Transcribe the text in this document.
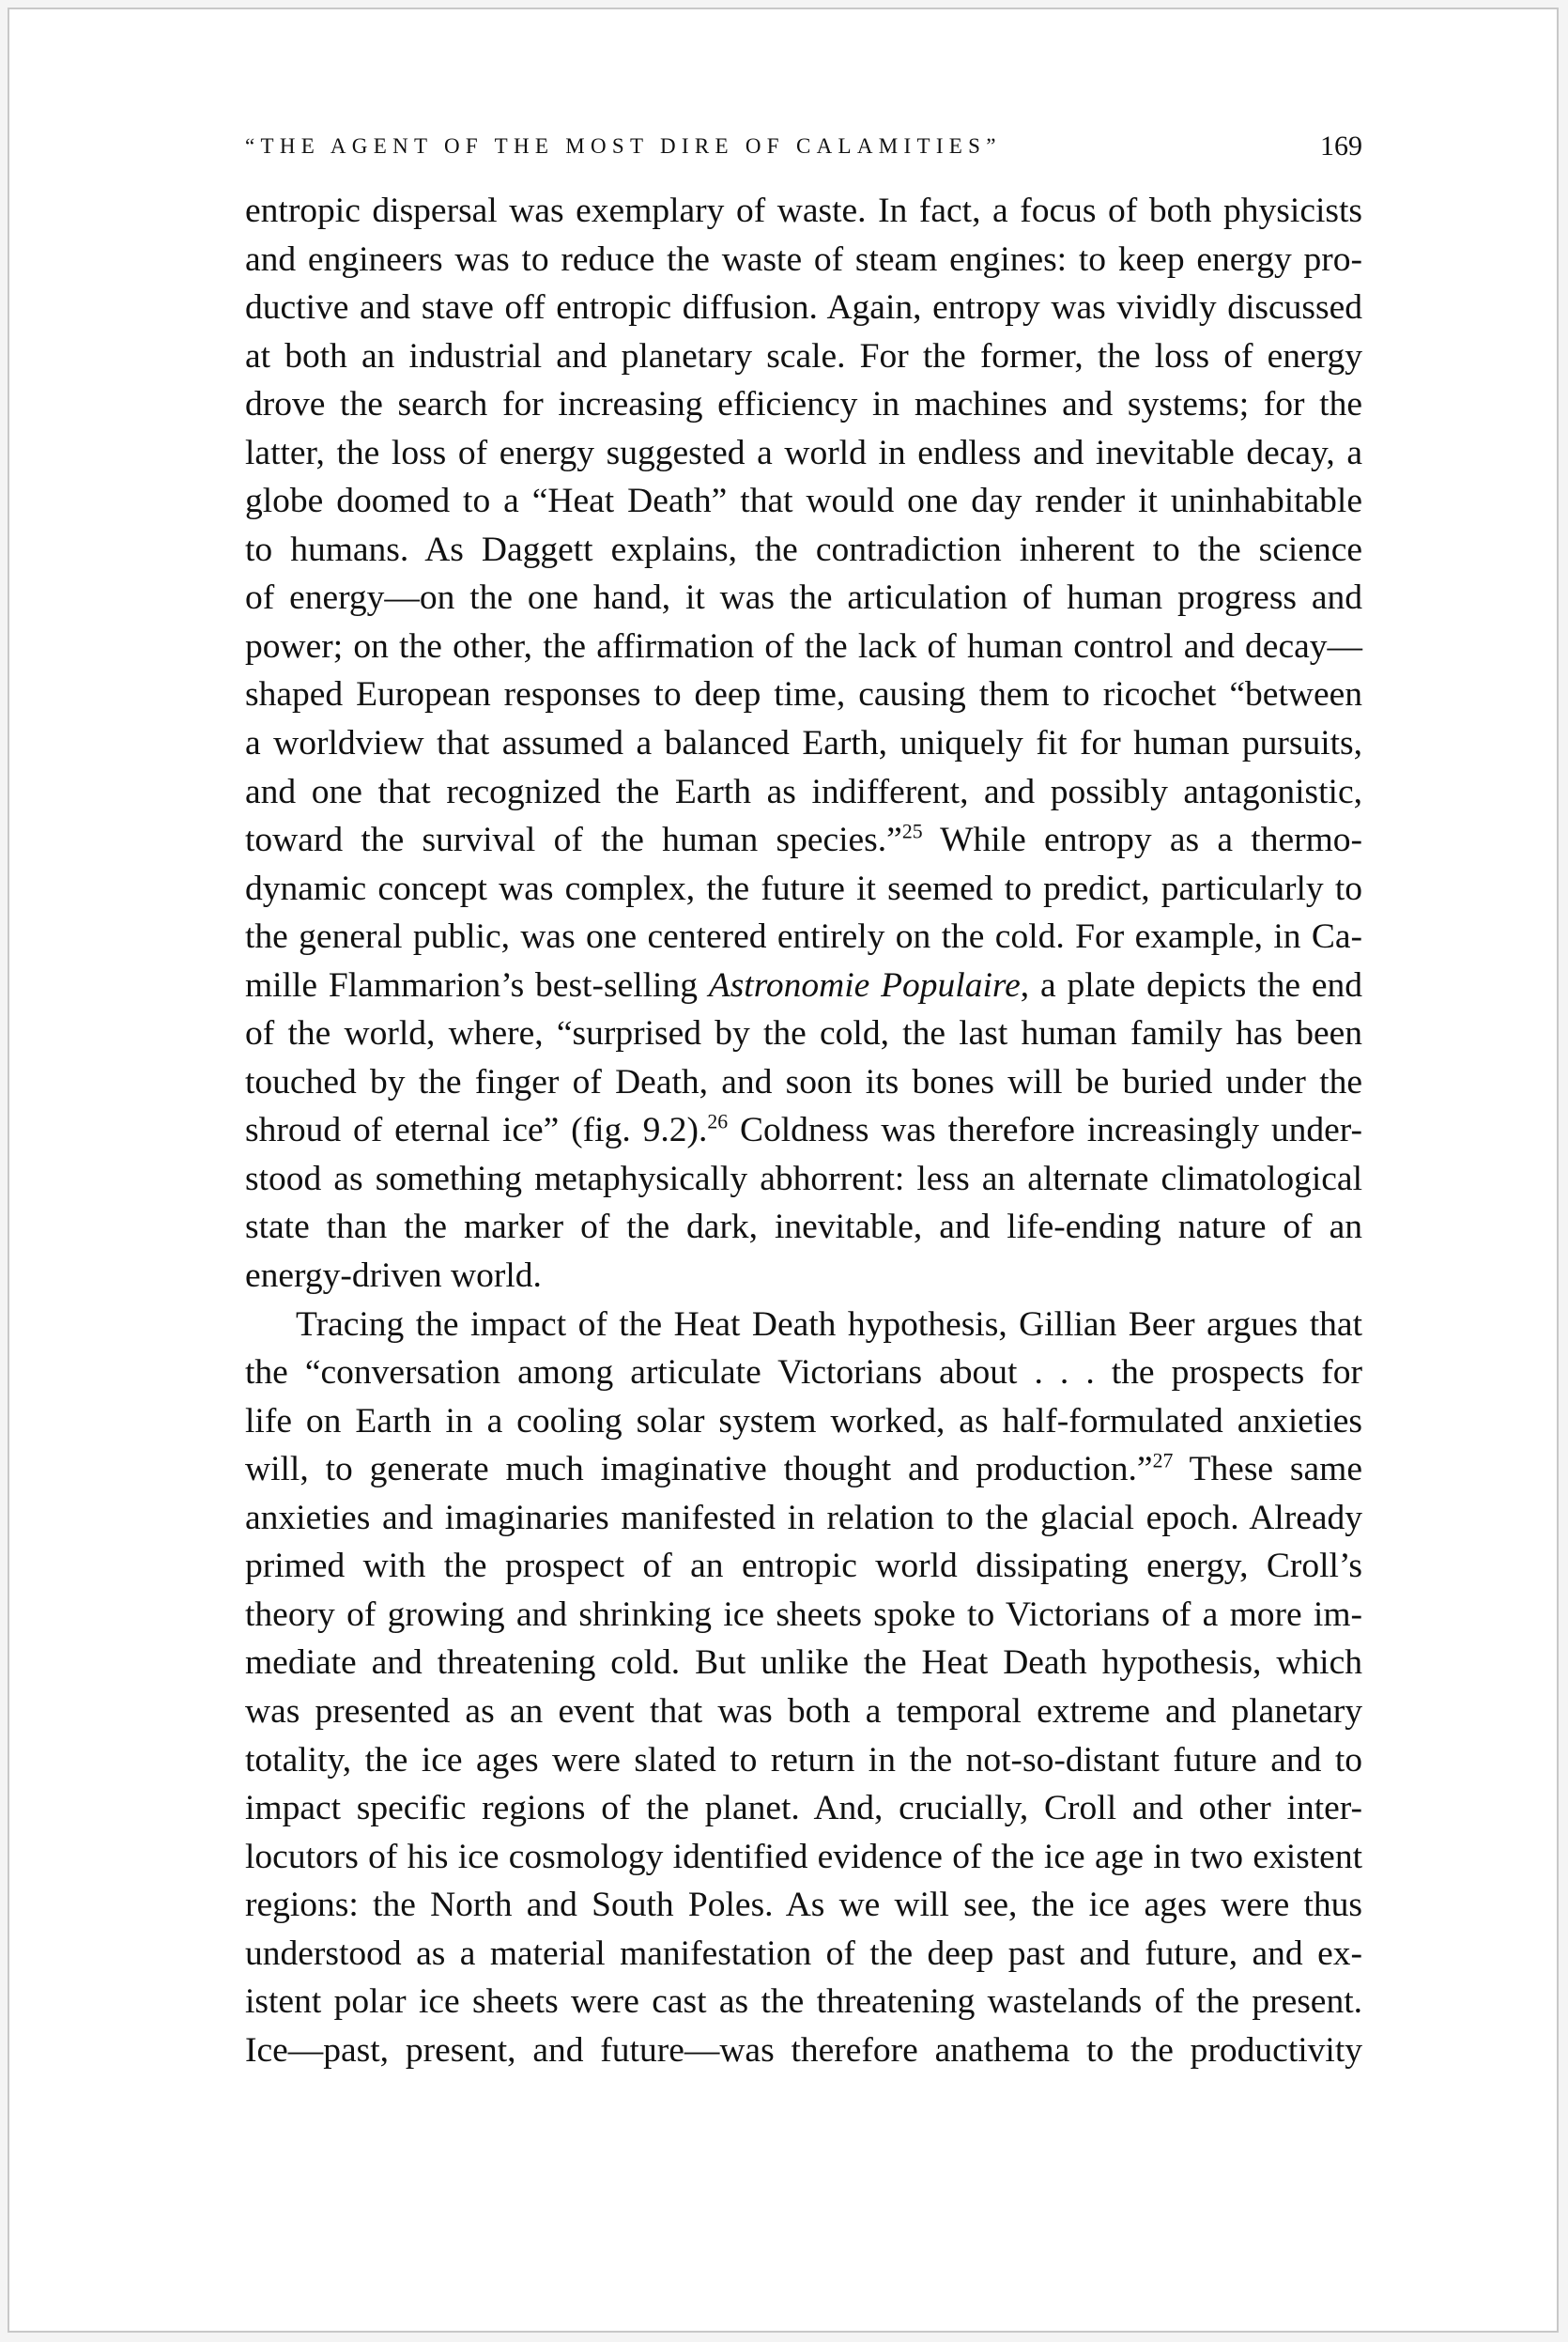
“THE AGENT OF THE MOST DIRE OF CALAMITIES”	169
entropic dispersal was exemplary of waste. In fact, a focus of both physicists
and engineers was to reduce the waste of steam engines: to keep energy pro-
ductive and stave off entropic diffusion. Again, entropy was vividly discussed
at both an industrial and planetary scale. For the former, the loss of energy
drove the search for increasing efficiency in machines and systems; for the
latter, the loss of energy suggested a world in endless and inevitable decay, a
globe doomed to a “Heat Death” that would one day render it uninhabitable
to humans. As Daggett explains, the contradiction inherent to the science
of energy—on the one hand, it was the articulation of human progress and
power; on the other, the affirmation of the lack of human control and decay—
shaped European responses to deep time, causing them to ricochet “between
a worldview that assumed a balanced Earth, uniquely fit for human pursuits,
and one that recognized the Earth as indifferent, and possibly antagonistic,
toward the survival of the human species.”$^{25}$ While entropy as a thermo-
dynamic concept was complex, the future it seemed to predict, particularly to
the general public, was one centered entirely on the cold. For example, in Ca-
mille Flammarion’s best-selling Astronomie Populaire, a plate depicts the end
of the world, where, “surprised by the cold, the last human family has been
touched by the finger of Death, and soon its bones will be buried under the
shroud of eternal ice” (fig. 9.2).$^{26}$ Coldness was therefore increasingly under-
stood as something metaphysically abhorrent: less an alternate climatological
state than the marker of the dark, inevitable, and life-ending nature of an
energy-driven world.
Tracing the impact of the Heat Death hypothesis, Gillian Beer argues that
the “conversation among articulate Victorians about . . . the prospects for
life on Earth in a cooling solar system worked, as half-formulated anxieties
will, to generate much imaginative thought and production.”$^{27}$ These same
anxieties and imaginaries manifested in relation to the glacial epoch. Already
primed with the prospect of an entropic world dissipating energy, Croll’s
theory of growing and shrinking ice sheets spoke to Victorians of a more im-
mediate and threatening cold. But unlike the Heat Death hypothesis, which
was presented as an event that was both a temporal extreme and planetary
totality, the ice ages were slated to return in the not-so-distant future and to
impact specific regions of the planet. And, crucially, Croll and other inter-
locutors of his ice cosmology identified evidence of the ice age in two existent
regions: the North and South Poles. As we will see, the ice ages were thus
understood as a material manifestation of the deep past and future, and ex-
istent polar ice sheets were cast as the threatening wastelands of the present.
Ice—past, present, and future—was therefore anathema to the productivity
